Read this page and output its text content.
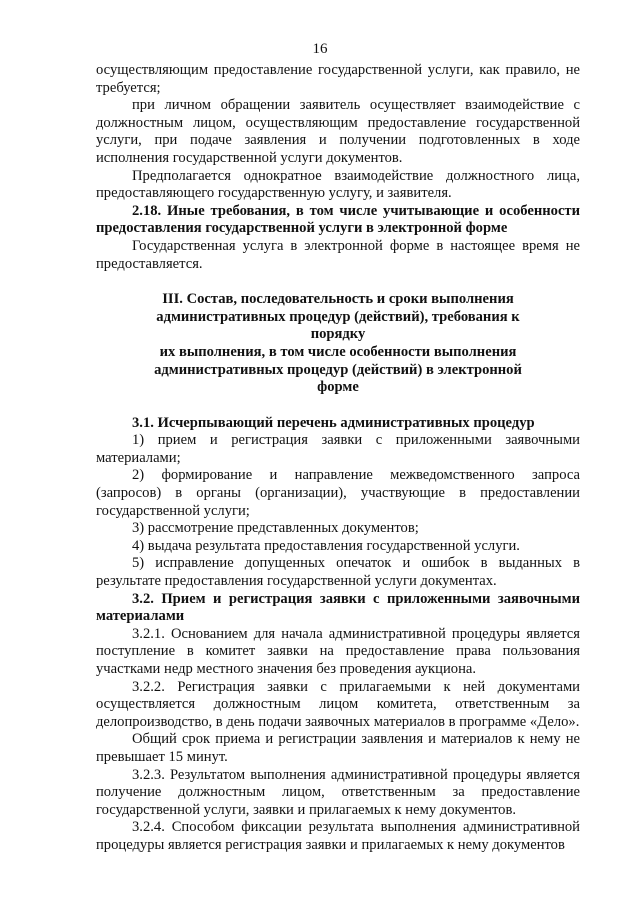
16

осуществляющим предоставление государственной услуги, как правило, не требуется;

при личном обращении заявитель осуществляет взаимодействие с должностным лицом, осуществляющим предоставление государственной услуги, при подаче заявления и получении подготовленных в ходе исполнения государственной услуги документов.

Предполагается однократное взаимодействие должностного лица, предоставляющего государственную услугу, и заявителя.

2.18. Иные требования, в том числе учитывающие и особенности предоставления государственной услуги в электронной форме

Государственная услуга в электронной форме в настоящее время не предоставляется.

III. Состав, последовательность и сроки выполнения
административных процедур (действий), требования к порядку
их выполнения, в том числе особенности выполнения
административных процедур (действий) в электронной форме

3.1. Исчерпывающий перечень административных процедур

1) прием и регистрация заявки с приложенными заявочными материалами;

2) формирование и направление межведомственного запроса (запросов) в органы (организации), участвующие в предоставлении государственной услуги;

3) рассмотрение представленных документов;

4) выдача результата предоставления государственной услуги.

5) исправление допущенных опечаток и ошибок в выданных в результате предоставления государственной услуги документах.

3.2. Прием и регистрация заявки с приложенными заявочными материалами

3.2.1. Основанием для начала административной процедуры является поступление в комитет заявки на предоставление права пользования участками недр местного значения без проведения аукциона.

3.2.2. Регистрация заявки с прилагаемыми к ней документами осуществляется должностным лицом комитета, ответственным за делопроизводство, в день подачи заявочных материалов в программе «Дело».

Общий срок приема и регистрации заявления и материалов к нему не превышает 15 минут.

3.2.3. Результатом выполнения административной процедуры является получение должностным лицом, ответственным за предоставление государственной услуги, заявки и прилагаемых к нему документов.

3.2.4. Способом фиксации результата выполнения административной процедуры является регистрация заявки и прилагаемых к нему документов
